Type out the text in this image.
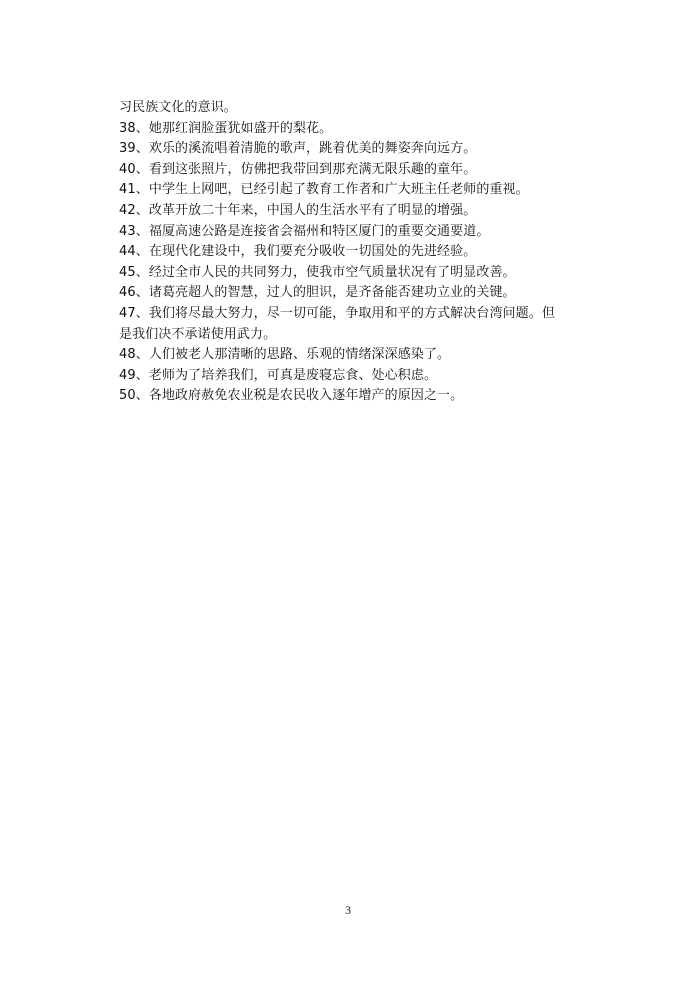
习民族文化的意识。

38、她那红润脸蛋犹如盛开的梨花。

39、欢乐的溪流唱着清脆的歌声，跳着优美的舞姿奔向远方。

40、看到这张照片，仿佛把我带回到那充满无限乐趣的童年。

41、中学生上网吧，已经引起了教育工作者和广大班主任老师的重视。

42、改革开放二十年来，中国人的生活水平有了明显的增强。

43、福厦高速公路是连接省会福州和特区厦门的重要交通要道。

44、在现代化建设中，我们要充分吸收一切国处的先进经验。

45、经过全市人民的共同努力，使我市空气质量状况有了明显改善。

46、诸葛亮超人的智慧，过人的胆识，是齐备能否建功立业的关键。

47、我们将尽最大努力，尽一切可能，争取用和平的方式解决台湾问题。但

是我们决不承诺使用武力。

48、人们被老人那清晰的思路、乐观的情绪深深感染了。

49、老师为了培养我们，可真是废寝忘食、处心积虑。

50、各地政府赦免农业税是农民收入逐年增产的原因之一。

3
